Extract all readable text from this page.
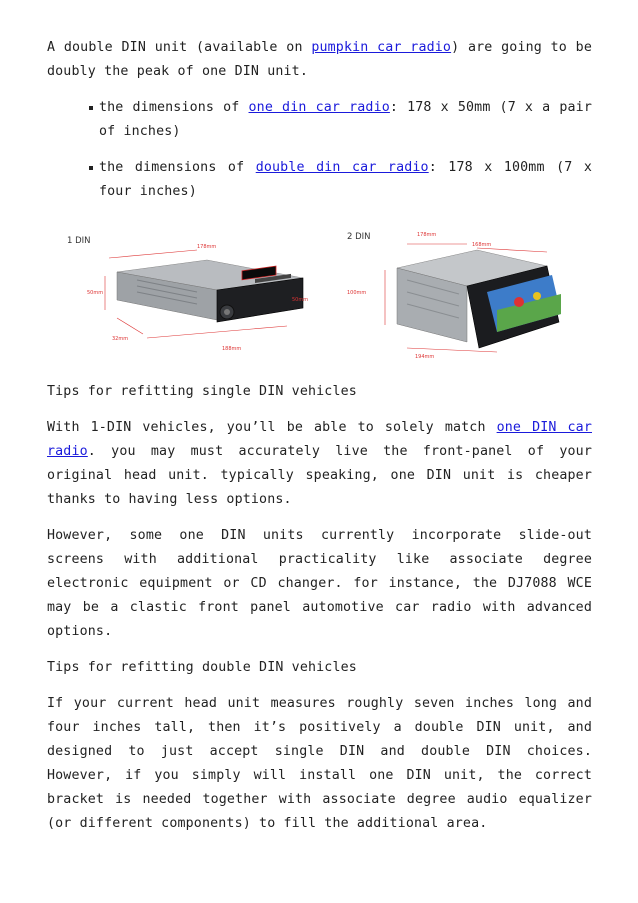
A double DIN unit (available on pumpkin car radio) are going to be doubly the peak of one DIN unit.

the dimensions of one din car radio: 178 x 50mm (7 x a pair of inches)
the dimensions of double din car radio: 178 x 100mm (7 x four inches)
1 DIN	2 DIN
178mm
50mm
50mm
32mm
188mm
178mm
168mm
100mm
194mm

Tips for refitting single DIN vehicles

With 1-DIN vehicles, you’ll be able to solely match one DIN car radio. you may must accurately live the front-panel of your original head unit. typically speaking, one DIN unit is cheaper thanks to having less options.

However, some one DIN units currently incorporate slide-out screens with additional practicality like associate degree electronic equipment or CD changer. for instance, the DJ7088 WCE may be a clastic front panel automotive car radio with advanced options.

Tips for refitting double DIN vehicles

If your current head unit measures roughly seven inches long and four inches tall, then it’s positively a double DIN unit, and designed to just accept single DIN and double DIN choices. However, if you simply will install one DIN unit, the correct bracket is needed together with associate degree audio equalizer (or different components) to fill the additional area.
